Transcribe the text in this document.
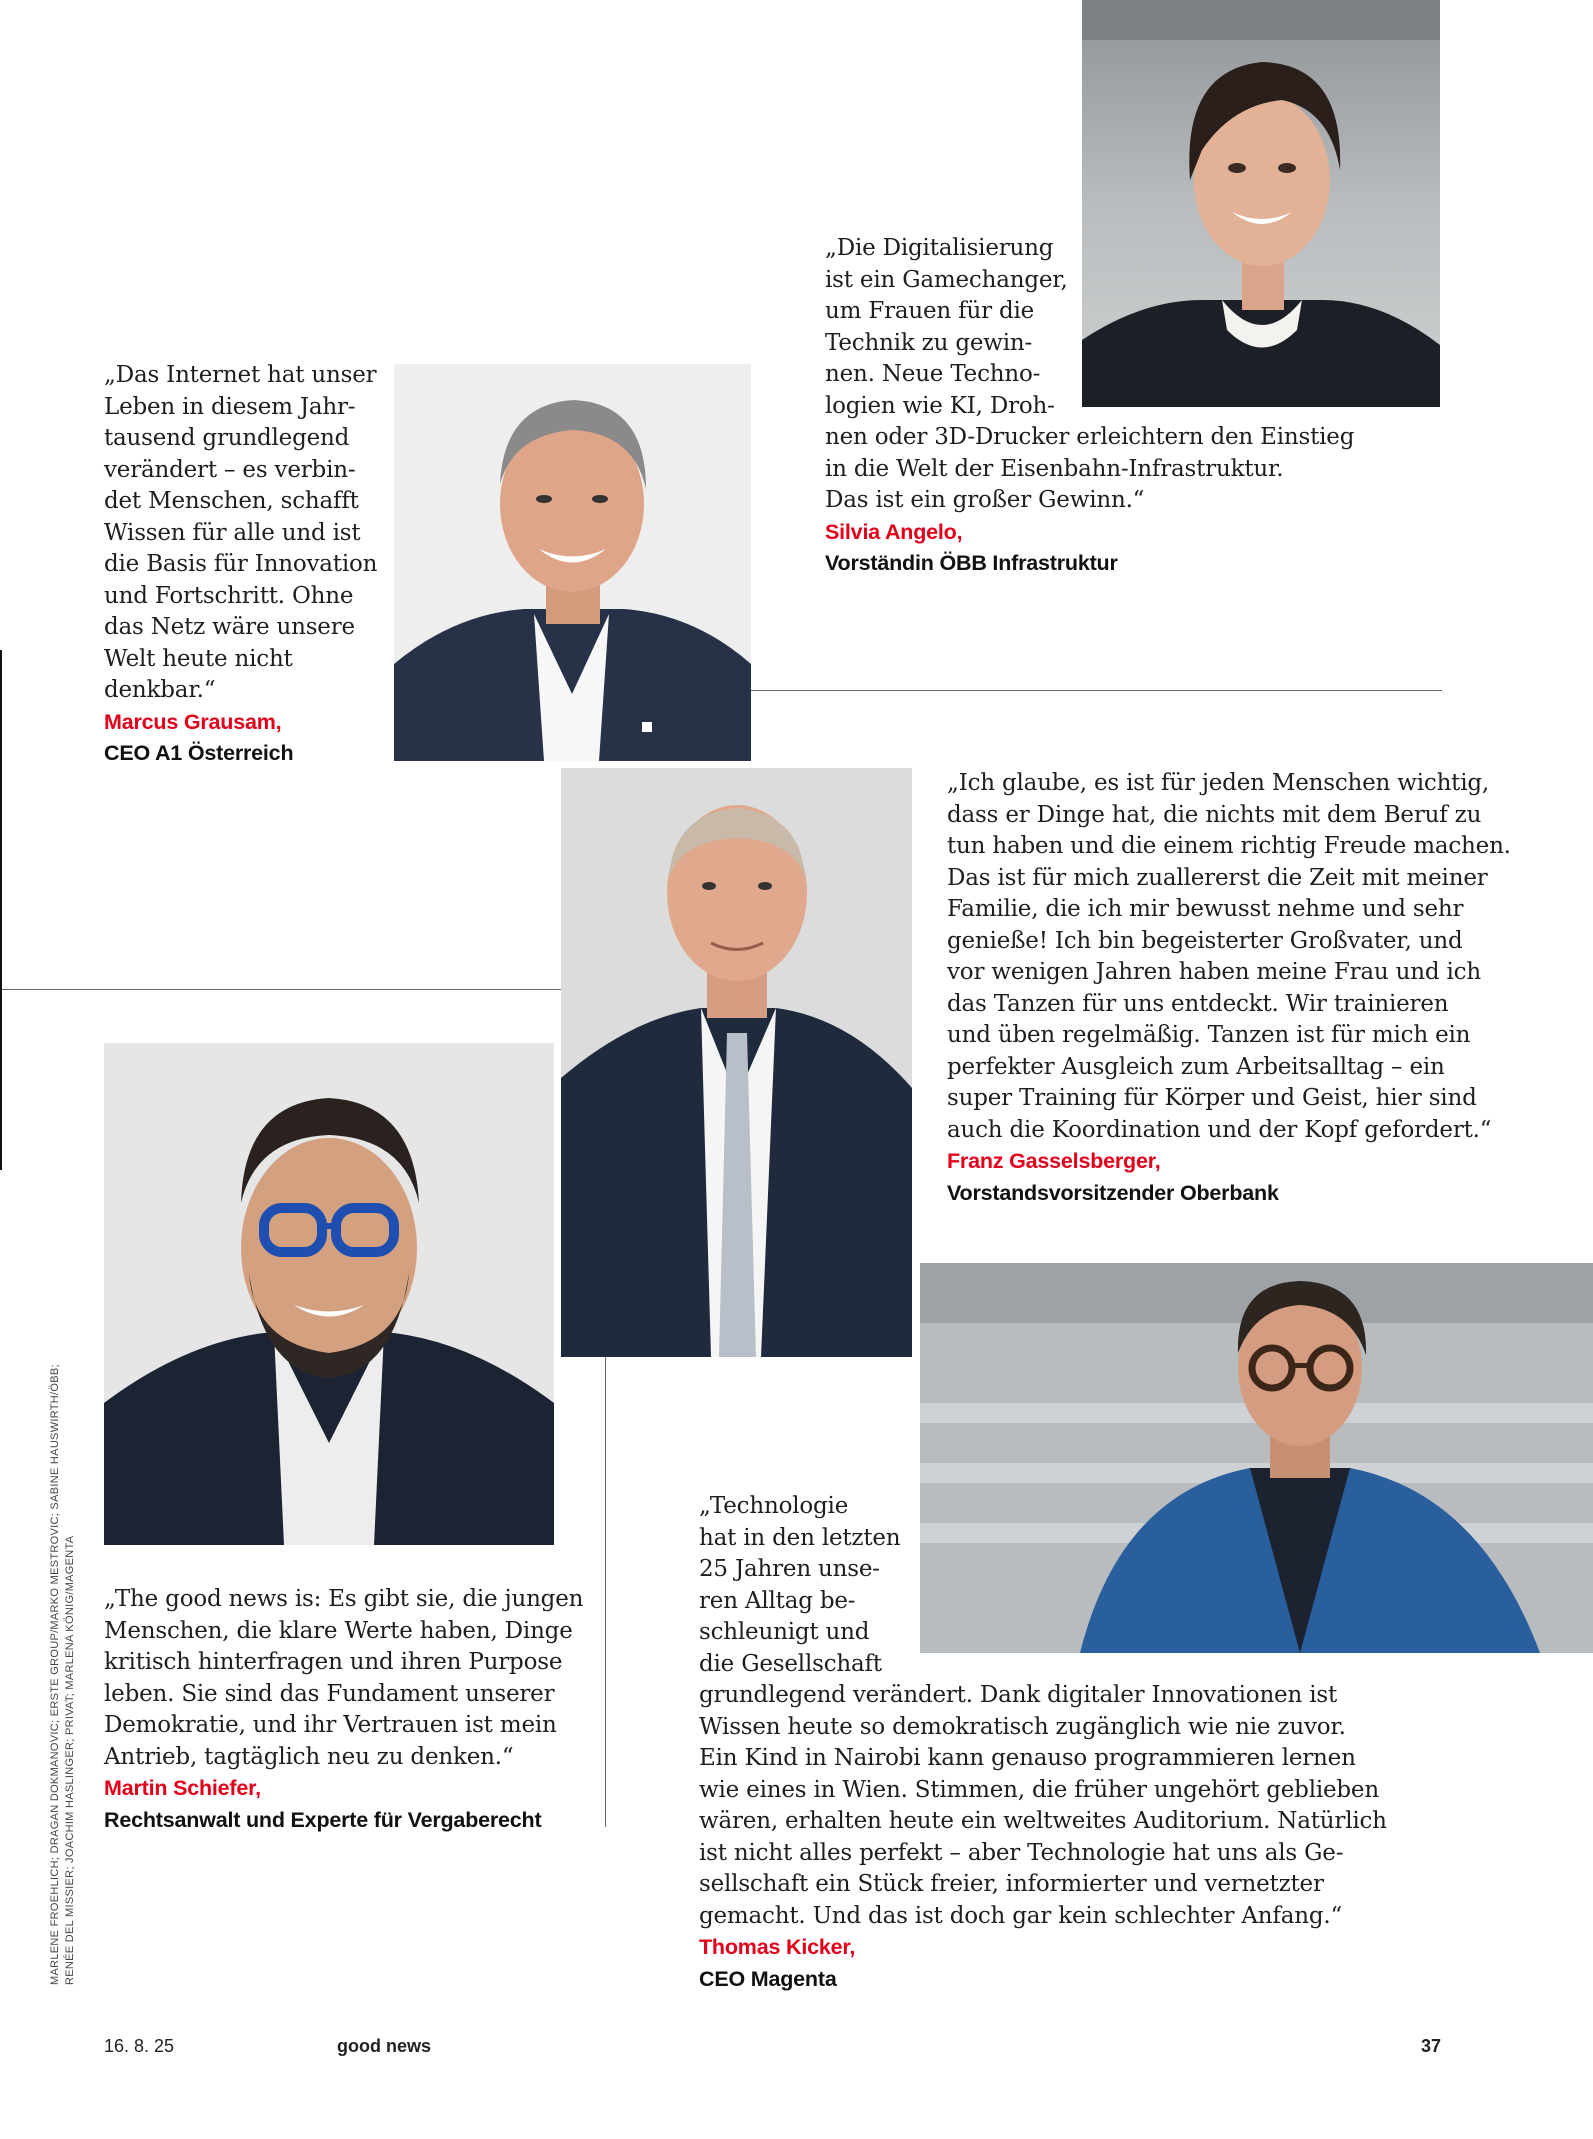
„Das Internet hat unser
Leben in diesem Jahr-
tausend grundlegend
verändert – es verbin-
det Menschen, schafft
Wissen für alle und ist
die Basis für Innovation
und Fortschritt. Ohne
das Netz wäre unsere
Welt heute nicht
denkbar.“
Marcus Grausam,
CEO A1 Österreich
„Die Digitalisierung
ist ein Gamechanger,
um Frauen für die
Technik zu gewin-
nen. Neue Techno-
logien wie KI, Droh-
nen oder 3D-Drucker erleichtern den Einstieg
in die Welt der Eisenbahn-Infrastruktur.
Das ist ein großer Gewinn.“
Silvia Angelo,
Vorständin ÖBB Infrastruktur
„Ich glaube, es ist für jeden Menschen wichtig,
dass er Dinge hat, die nichts mit dem Beruf zu
tun haben und die einem richtig Freude machen.
Das ist für mich zuallererst die Zeit mit meiner
Familie, die ich mir bewusst nehme und sehr
genieße! Ich bin begeisterter Großvater, und
vor wenigen Jahren haben meine Frau und ich
das Tanzen für uns entdeckt. Wir trainieren
und üben regelmäßig. Tanzen ist für mich ein
perfekter Ausgleich zum Arbeitsalltag – ein
super Training für Körper und Geist, hier sind
auch die Koordination und der Kopf gefordert.“
Franz Gasselsberger,
Vorstandsvorsitzender Oberbank
„The good news is: Es gibt sie, die jungen
Menschen, die klare Werte haben, Dinge
kritisch hinterfragen und ihren Purpose
leben. Sie sind das Fundament unserer
Demokratie, und ihr Vertrauen ist mein
Antrieb, tagtäglich neu zu denken.“
Martin Schiefer,
Rechtsanwalt und Experte für Vergaberecht
„Technologie
hat in den letzten
25 Jahren unse-
ren Alltag be-
schleunigt und
die Gesellschaft
grundlegend verändert. Dank digitaler Innovationen ist
Wissen heute so demokratisch zugänglich wie nie zuvor.
Ein Kind in Nairobi kann genauso programmieren lernen
wie eines in Wien. Stimmen, die früher ungehört geblieben
wären, erhalten heute ein weltweites Auditorium. Natürlich
ist nicht alles perfekt – aber Technologie hat uns als Ge-
sellschaft ein Stück freier, informierter und vernetzter
gemacht. Und das ist doch gar kein schlechter Anfang.“
Thomas Kicker,
CEO Magenta
MARLENE FROEHLICH; DRAGAN DOKMANOVIC; ERSTE GROUP/MARKO MESTROVIC; SABINE HAUSWIRTH/ÖBB; RENÉE DEL MISSIER; JOACHIM HASLINGER; PRIVAT; MARLENA KÖNIG/MAGENTA
16. 8. 25	good news	37
